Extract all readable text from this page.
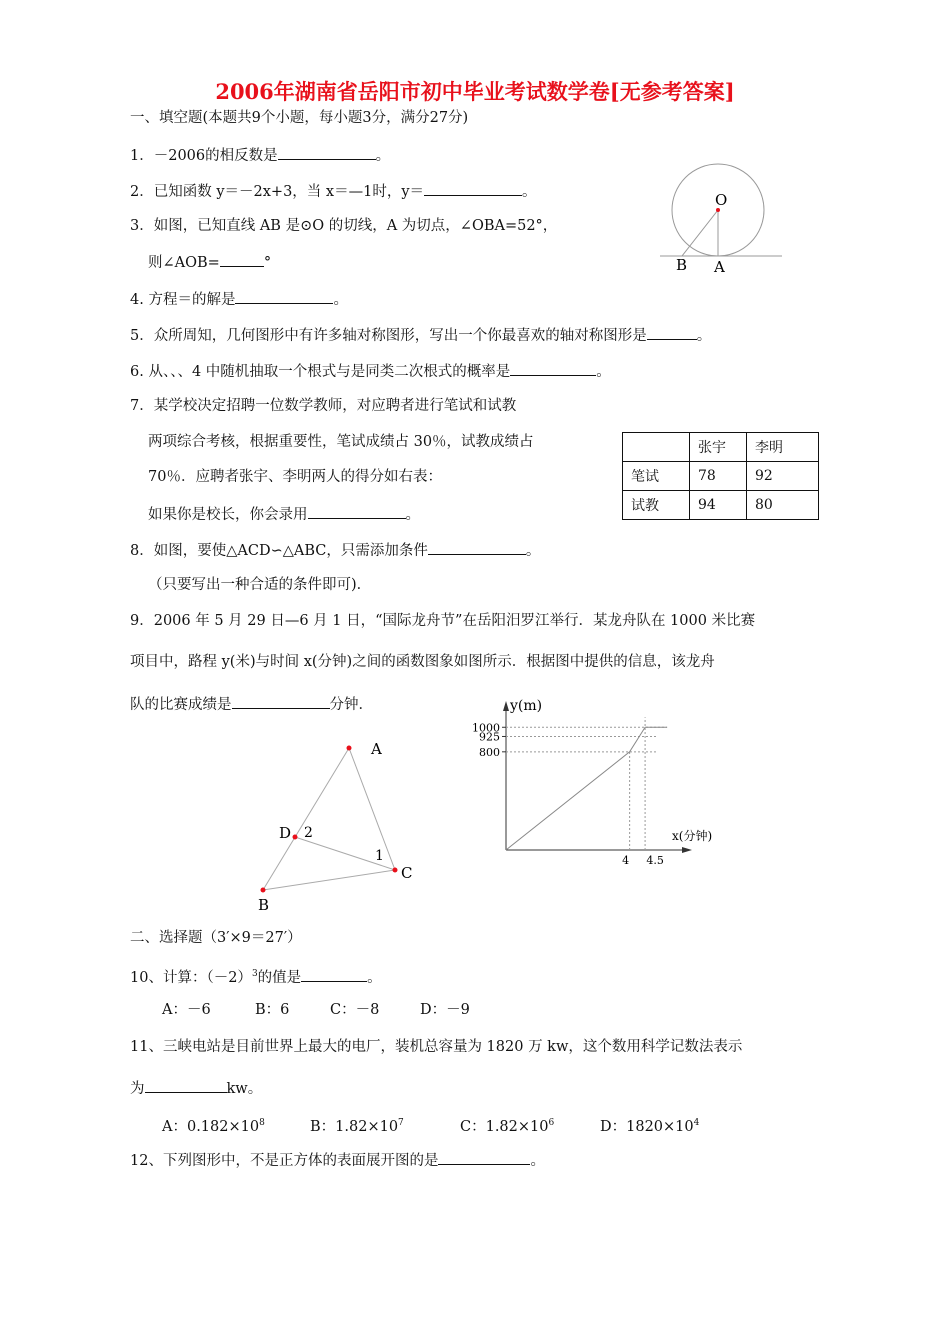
2006年湖南省岳阳市初中毕业考试数学卷[无参考答案]
一、填空题(本题共9个小题，每小题3分，满分27分)
1．－2006的相反数是	。
2．已知函数 y＝－2x+3，当 x＝—1时，y＝	。
3．如图，已知直线 AB 是⊙O 的切线，A 为切点，∠OBA=52°，
则∠AOB=	°
O
B A
4. 方程＝的解是	。
5．众所周知，几何图形中有许多轴对称图形，写出一个你最喜欢的轴对称图形是	。
6. 从、、、4 中随机抽取一个根式与是同类二次根式的概率是	。
7．某学校决定招聘一位数学教师，对应聘者进行笔试和试教
两项综合考核，根据重要性，笔试成绩占 30％，试教成绩占
70％．应聘者张宇、李明两人的得分如右表：
如果你是校长，你会录用	。
	张宇	李明
笔试	78	92
试教	94	80
8．如图，要使△ACD∽△ABC，只需添加条件	。
（只要写出一种合适的条件即可)．
9．2006 年 5 月 29 日—6 月 1 日，“国际龙舟节”在岳阳汨罗江举行．某龙舟队在 1000 米比赛
项目中，路程 y(米)与时间 x(分钟)之间的函数图象如图所示．根据图中提供的信息，该龙舟
队的比赛成绩是	分钟．
A
B
C
D 2
1
y(m)
x(分钟)
800
925
1000
4 4.5
二、选择题（3′×9＝27′）
10、计算：$(-2)^3$的值是	。
A：－6	B：6	C：－8	D：－9
11、三峡电站是目前世界上最大的电厂，装机总容量为 1820 万 kw，这个数用科学记数法表示
为	kw。
A：$0.182\times 10^8$	B：$1.82\times 10^7$	C：$1.82\times 10^6$	D：$1820\times 10^4$
12、下列图形中，不是正方体的表面展开图的是	。
